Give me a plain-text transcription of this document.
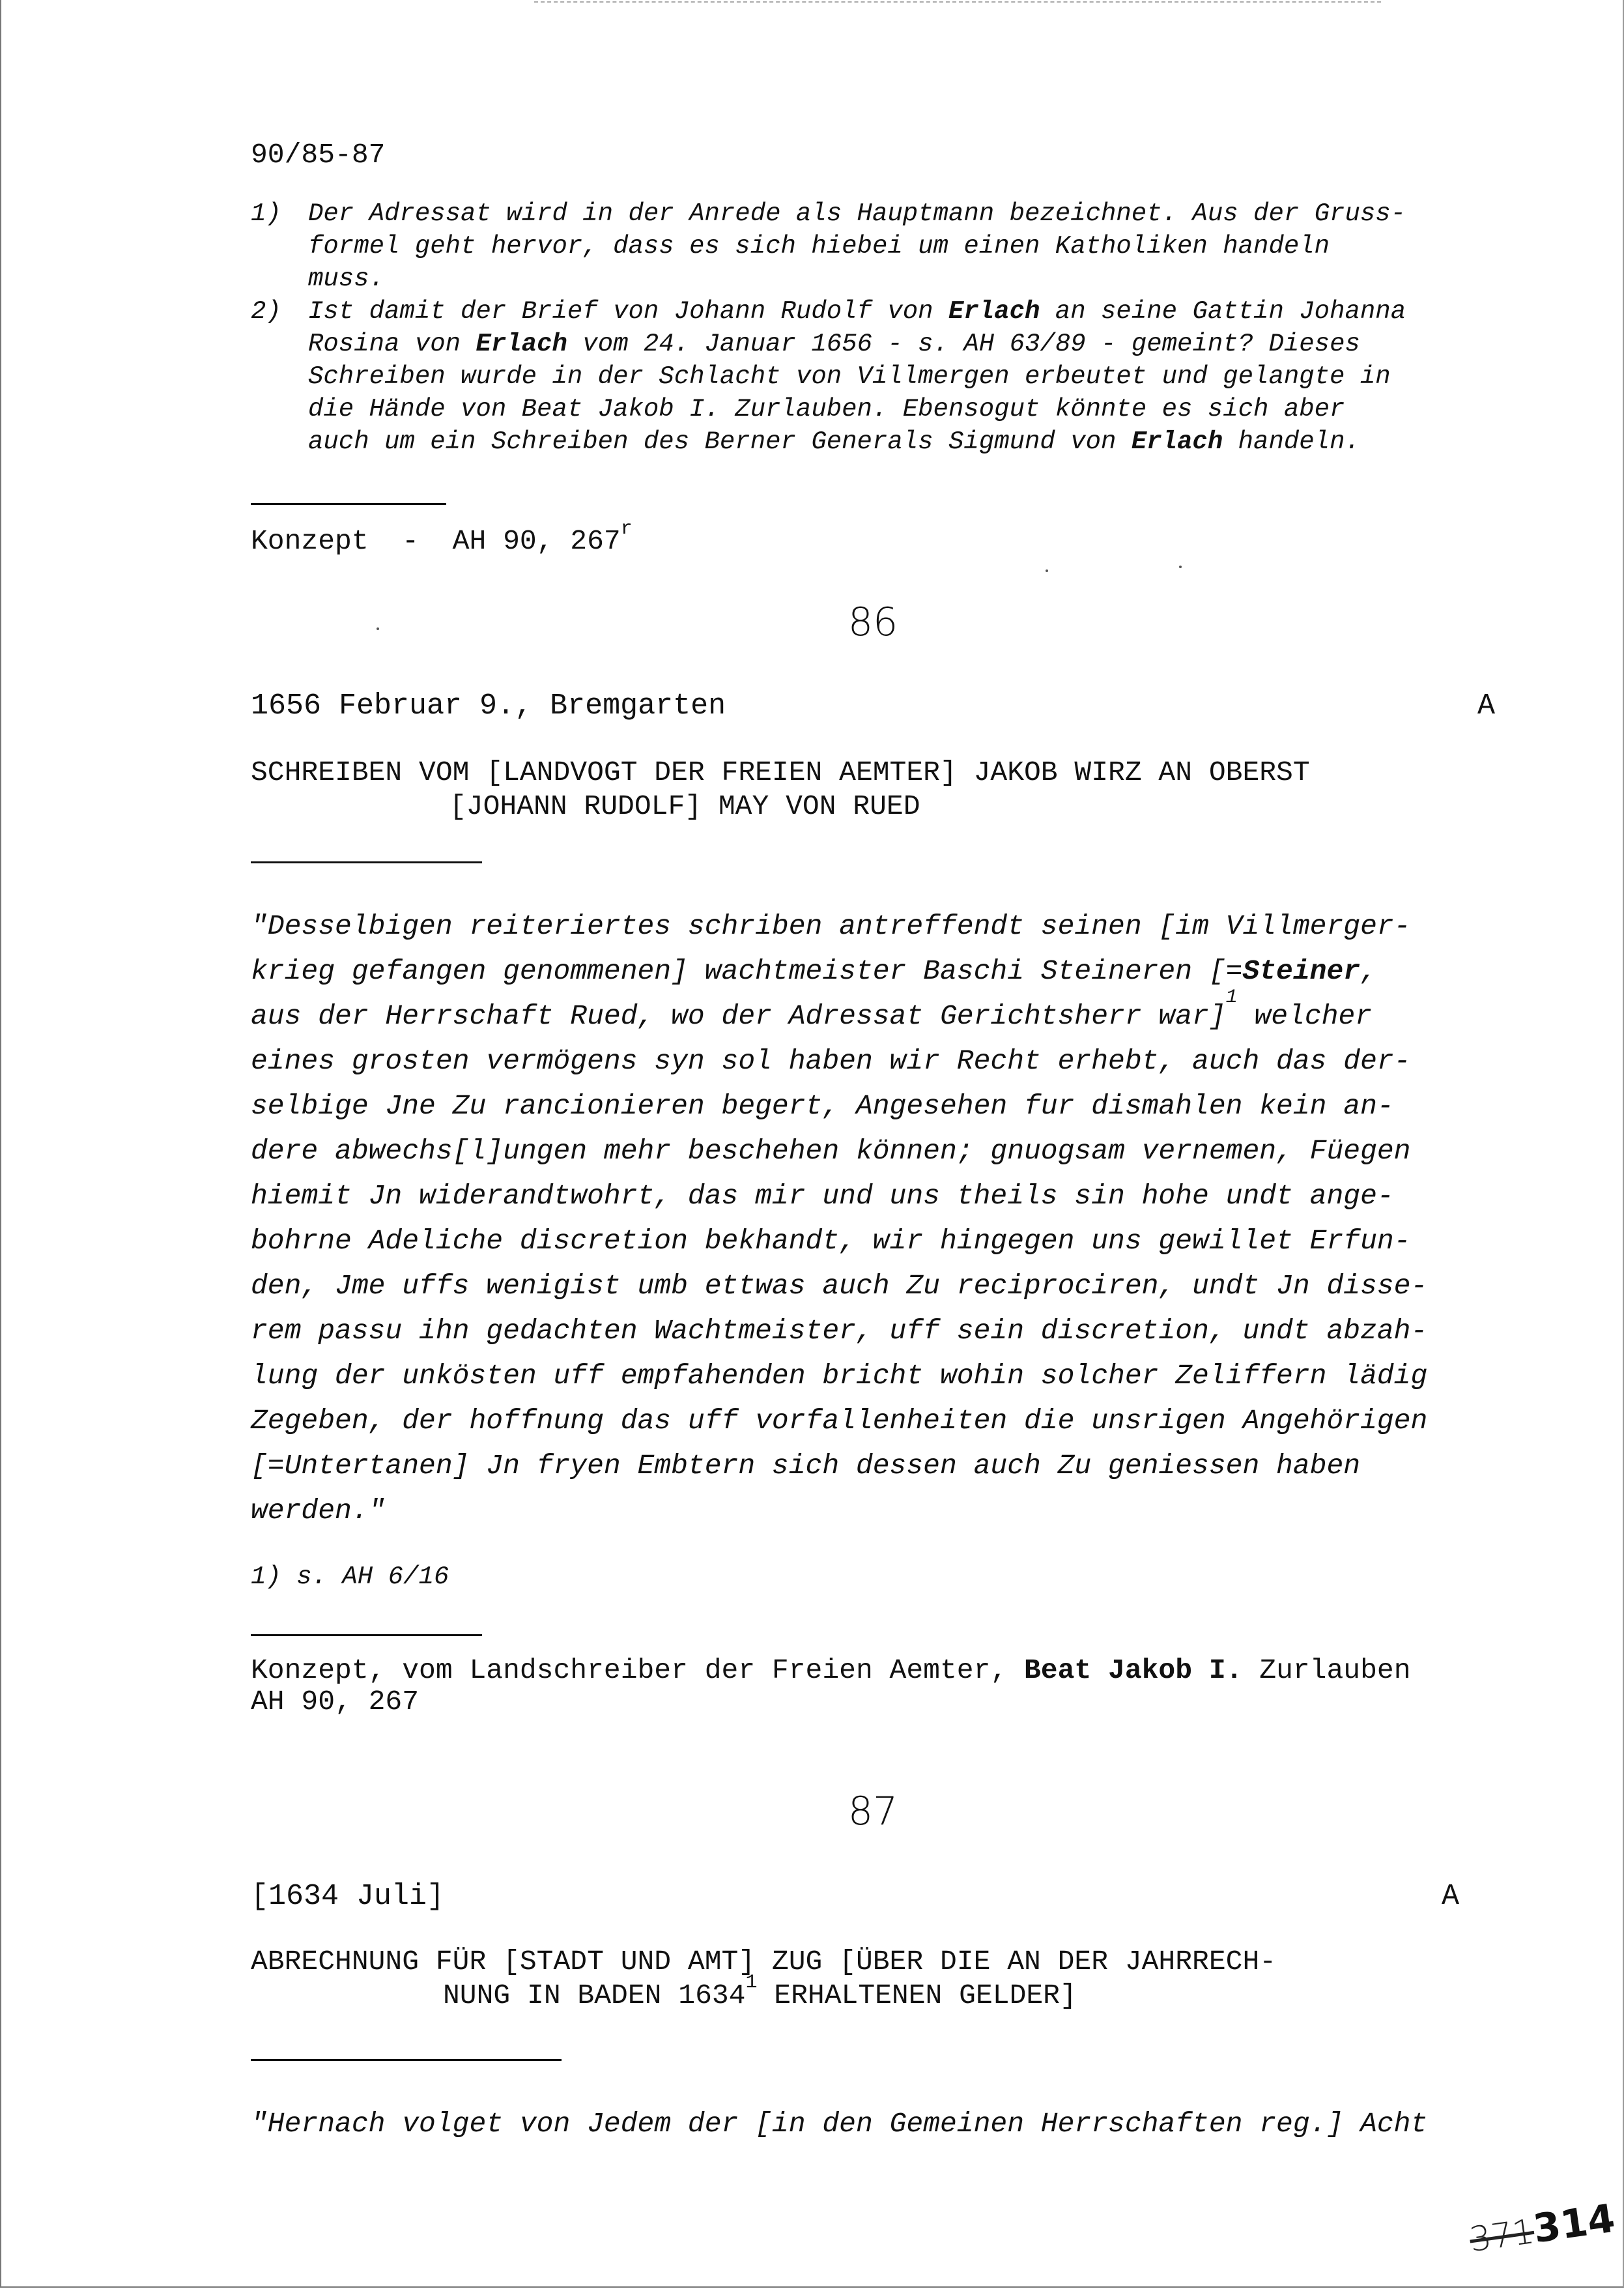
90/85-87
1) Der Adressat wird in der Anrede als Hauptmann bezeichnet. Aus der Gruss-
formel geht hervor, dass es sich hiebei um einen Katholiken handeln
muss.
2) Ist damit der Brief von Johann Rudolf von Erlach an seine Gattin Johanna
Rosina von Erlach vom 24. Januar 1656 - s. AH 63/89 - gemeint? Dieses
Schreiben wurde in der Schlacht von Villmergen erbeutet und gelangte in
die Hände von Beat Jakob I. Zurlauben. Ebensogut könnte es sich aber
auch um ein Schreiben des Berner Generals Sigmund von Erlach handeln.
Konzept  -  AH 90, 267$^r$
86
1656 Februar 9., Bremgarten	A
SCHREIBEN VOM [LANDVOGT DER FREIEN AEMTER] JAKOB WIRZ AN OBERST
[JOHANN RUDOLF] MAY VON RUED
"Desselbigen reiteriertes schriben antreffendt seinen [im Villmerger-
krieg gefangen genommenen] wachtmeister Baschi Steineren [=Steiner,
aus der Herrschaft Rued, wo der Adressat Gerichtsherr war]$^1$ welcher
eines grosten vermögens syn sol haben wir Recht erhebt, auch das der-
selbige Jne Zu rancionieren begert, Angesehen fur dismahlen kein an-
dere abwechs[l]ungen mehr beschehen können; gnuogsam vernemen, Füegen
hiemit Jn widerandtwohrt, das mir und uns theils sin hohe undt ange-
bohrne Adeliche discretion bekhandt, wir hingegen uns gewillet Erfun-
den, Jme uffs wenigist umb ettwas auch Zu reciprociren, undt Jn disse-
rem passu ihn gedachten Wachtmeister, uff sein discretion, undt abzah-
lung der unkösten uff empfahenden bricht wohin solcher Zeliffern lädig
Zegeben, der hoffnung das uff vorfallenheiten die unsrigen Angehörigen
[=Untertanen] Jn fryen Embtern sich dessen auch Zu geniessen haben
werden."
1) s. AH 6/16
Konzept, vom Landschreiber der Freien Aemter, Beat Jakob I. Zurlauben
AH 90, 267
87
[1634 Juli]	A
ABRECHNUNG FÜR [STADT UND AMT] ZUG [ÜBER DIE AN DER JAHRRECH-
NUNG IN BADEN 1634$^1$ ERHALTENEN GELDER]
"Hernach volget von Jedem der [in den Gemeinen Herrschaften reg.] Acht
371314
